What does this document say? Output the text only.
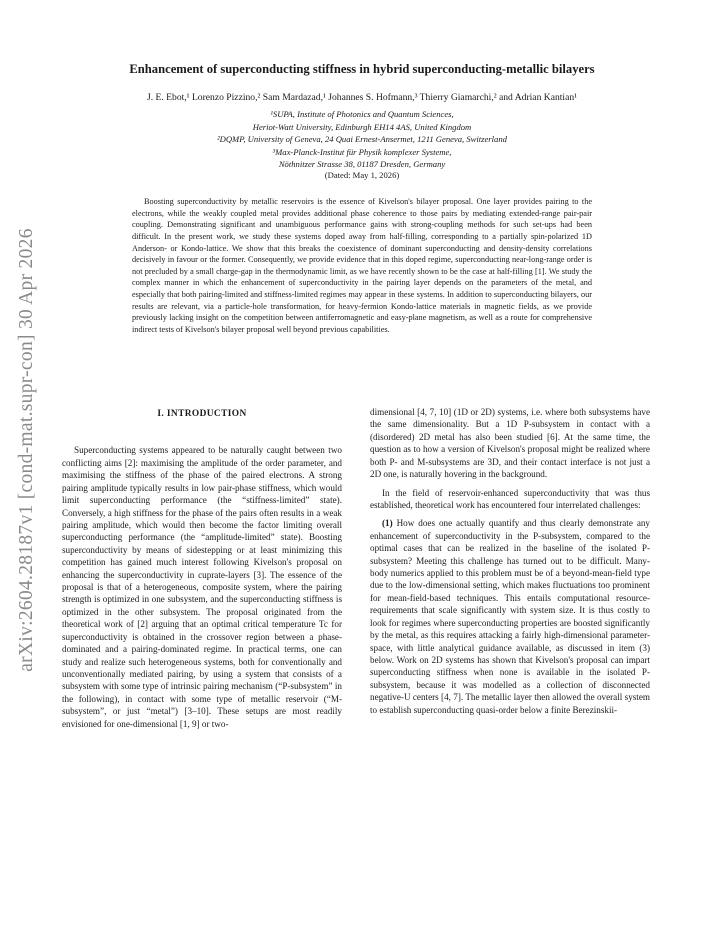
arXiv:2604.28187v1 [cond-mat.supr-con] 30 Apr 2026
Enhancement of superconducting stiffness in hybrid superconducting-metallic bilayers
J. E. Ebot,¹ Lorenzo Pizzino,² Sam Mardazad,¹ Johannes S. Hofmann,³ Thierry Giamarchi,² and Adrian Kantian¹
¹SUPA, Institute of Photonics and Quantum Sciences,
Heriot-Watt University, Edinburgh EH14 4AS, United Kingdom
²DQMP, University of Geneva, 24 Quai Ernest-Ansermet, 1211 Geneva, Switzerland
³Max-Planck-Institut für Physik komplexer Systeme,
Nöthnitzer Strasse 38, 01187 Dresden, Germany
(Dated: May 1, 2026)

Boosting superconductivity by metallic reservoirs is the essence of Kivelson's bilayer proposal. One layer provides pairing to the electrons, while the weakly coupled metal provides additional phase coherence to those pairs by mediating extended-range pair-pair coupling. Demonstrating significant and unambiguous performance gains with strong-coupling methods for such set-ups had been difficult. In the present work, we study these systems doped away from half-filling, corresponding to a partially spin-polarized 1D Anderson- or Kondo-lattice. We show that this breaks the coexistence of dominant superconducting and density-density correlations decisively in favour or the former. Consequently, we provide evidence that in this doped regime, superconducting near-long-range order is not precluded by a small charge-gap in the thermodynamic limit, as we have recently shown to be the case at half-filling [1]. We study the complex manner in which the enhancement of superconductivity in the pairing layer depends on the parameters of the metal, and especially that both pairing-limited and stiffness-limited regimes may appear in these systems. In addition to superconducting bilayers, our results are relevant, via a particle-hole transformation, for heavy-fermion Kondo-lattice materials in magnetic fields, as we provide previously lacking insight on the competition between antiferromagnetic and easy-plane magnetism, as well as a route for comprehensive indirect tests of Kivelson's bilayer proposal well beyond previous capabilities.

I. INTRODUCTION

Superconducting systems appeared to be naturally caught between two conflicting aims [2]: maximising the amplitude of the order parameter, and maximising the stiffness of the phase of the paired electrons. A strong pairing amplitude typically results in low pair-phase stiffness, which would limit superconducting performance (the “stiffness-limited” state). Conversely, a high stiffness for the phase of the pairs often results in a weak pairing amplitude, which would then become the factor limiting overall superconducting performance (the “amplitude-limited” state). Boosting superconductivity by means of sidestepping or at least minimizing this competition has gained much interest following Kivelson's proposal on enhancing the superconductivity in cuprate-layers [3]. The essence of the proposal is that of a heterogeneous, composite system, where the pairing strength is optimized in one subsystem, and the superconducting stiffness is optimized in the other subsystem. The proposal originated from the theoretical work of [2] arguing that an optimal critical temperature Tc for superconductivity is obtained in the crossover region between a phase-dominated and a pairing-dominated regime. In practical terms, one can study and realize such heterogeneous systems, both for conventionally and unconventionally mediated pairing, by using a system that consists of a subsystem with some type of intrinsic pairing mechanism (“P-subsystem” in the following), in contact with some type of metallic reservoir (“M-subsystem”, or just “metal”) [3–10]. These setups are most readily envisioned for one-dimensional [1, 9] or two-

dimensional [4, 7, 10] (1D or 2D) systems, i.e. where both subsystems have the same dimensionality. But a 1D P-subsystem in contact with a (disordered) 2D metal has also been studied [6]. At the same time, the question as to how a version of Kivelson's proposal might be realized where both P- and M-subsystems are 3D, and their contact interface is not just a 2D one, is naturally hovering in the background.

In the field of reservoir-enhanced superconductivity that was thus established, theoretical work has encountered four interrelated challenges:

(1) How does one actually quantify and thus clearly demonstrate any enhancement of superconductivity in the P-subsystem, compared to the optimal cases that can be realized in the baseline of the isolated P-subsystem? Meeting this challenge has turned out to be difficult. Many-body numerics applied to this problem must be of a beyond-mean-field type due to the low-dimensional setting, which makes fluctuations too prominent for mean-field-based techniques. This entails computational resource-requirements that scale significantly with system size. It is thus costly to look for regimes where superconducting properties are boosted significantly by the metal, as this requires attacking a fairly high-dimensional parameter-space, with little analytical guidance available, as discussed in item (3) below. Work on 2D systems has shown that Kivelson's proposal can impart superconducting stiffness when none is available in the isolated P-subsystem, because it was modelled as a collection of disconnected negative-U centers [4, 7]. The metallic layer then allowed the overall system to establish superconducting quasi-order below a finite Berezinskii-
